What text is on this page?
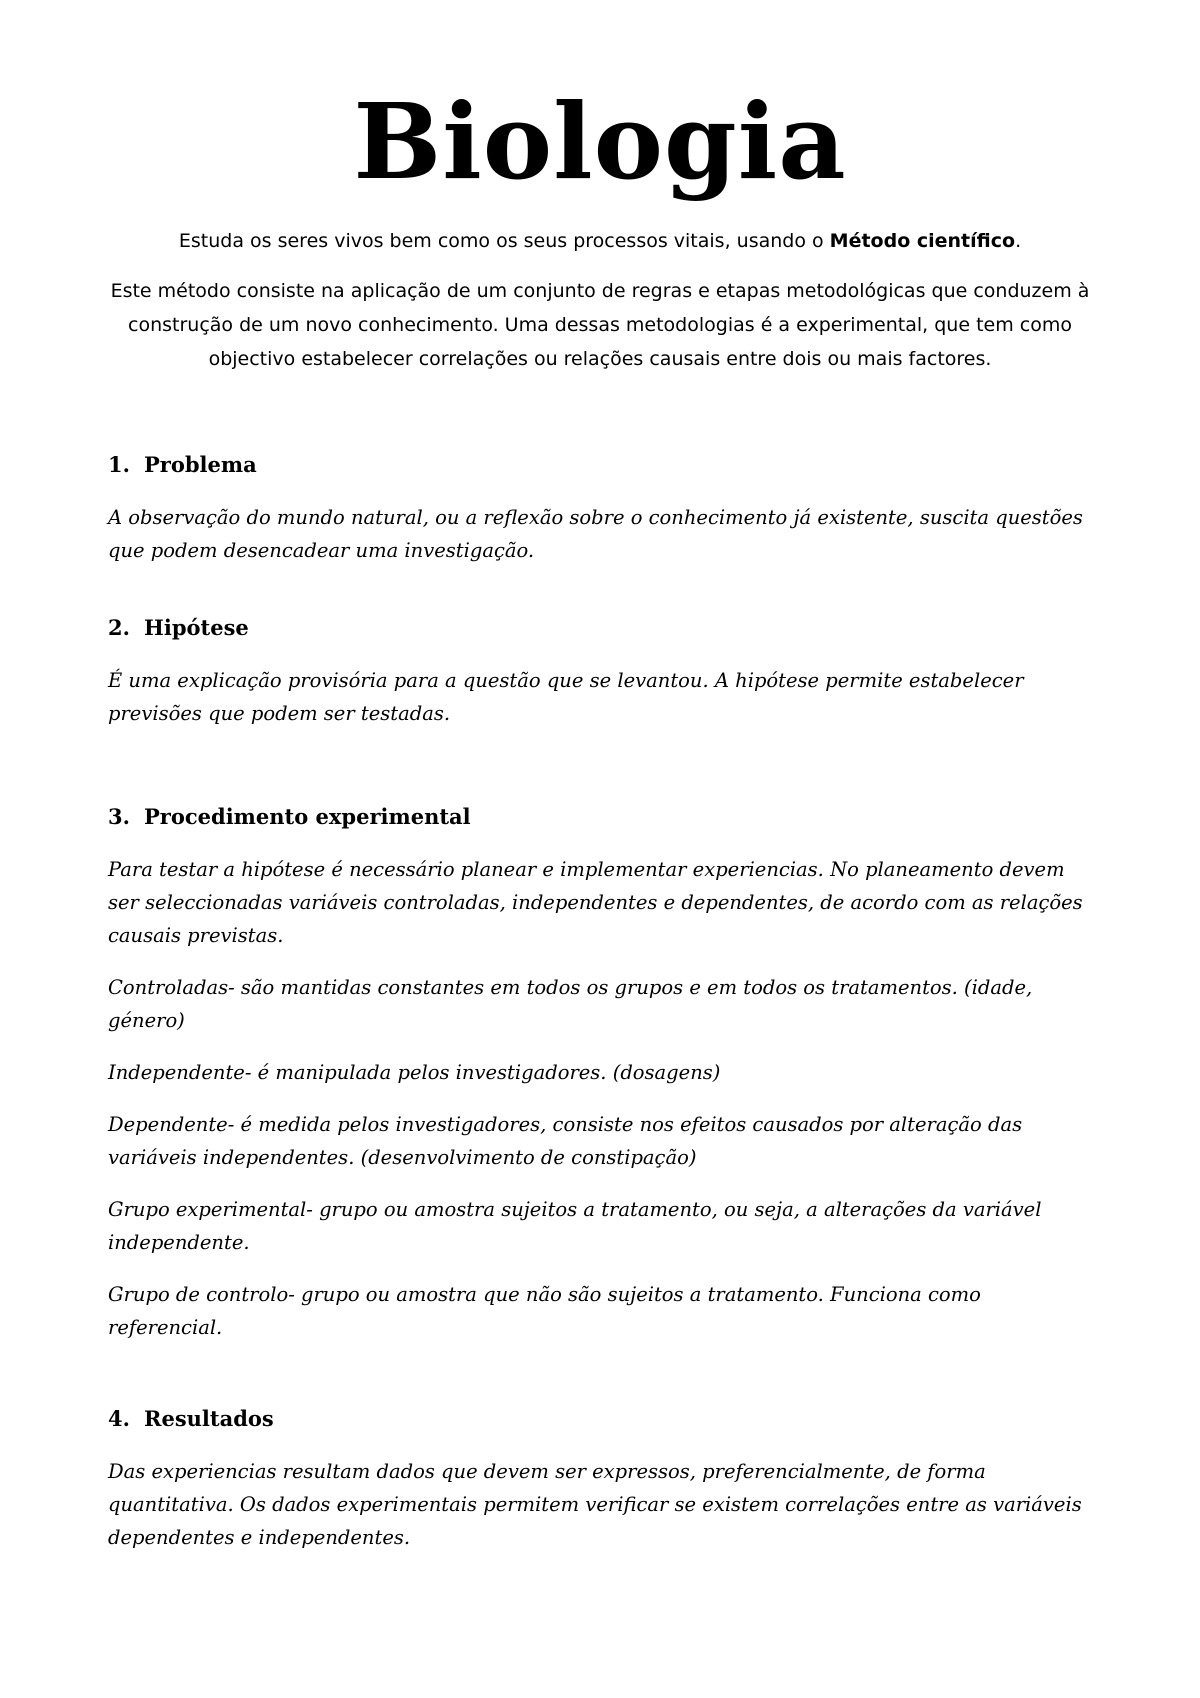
Biologia

Estuda os seres vivos bem como os seus processos vitais, usando o Método científico.

Este método consiste na aplicação de um conjunto de regras e etapas metodológicas que conduzem à construção de um novo conhecimento. Uma dessas metodologias é a experimental, que tem como objectivo estabelecer correlações ou relações causais entre dois ou mais factores.

1. Problema

A observação do mundo natural, ou a reflexão sobre o conhecimento já existente, suscita questões que podem desencadear uma investigação.

2. Hipótese

É uma explicação provisória para a questão que se levantou. A hipótese permite estabelecer previsões que podem ser testadas.

3. Procedimento experimental

Para testar a hipótese é necessário planear e implementar experiencias. No planeamento devem ser seleccionadas variáveis controladas, independentes e dependentes, de acordo com as relações causais previstas.

Controladas- são mantidas constantes em todos os grupos e em todos os tratamentos. (idade, género)

Independente- é manipulada pelos investigadores. (dosagens)

Dependente- é medida pelos investigadores, consiste nos efeitos causados por alteração das variáveis independentes. (desenvolvimento de constipação)

Grupo experimental- grupo ou amostra sujeitos a tratamento, ou seja, a alterações da variável independente.

Grupo de controlo- grupo ou amostra que não são sujeitos a tratamento. Funciona como referencial.

4. Resultados

Das experiencias resultam dados que devem ser expressos, preferencialmente, de forma quantitativa. Os dados experimentais permitem verificar se existem correlações entre as variáveis dependentes e independentes.
